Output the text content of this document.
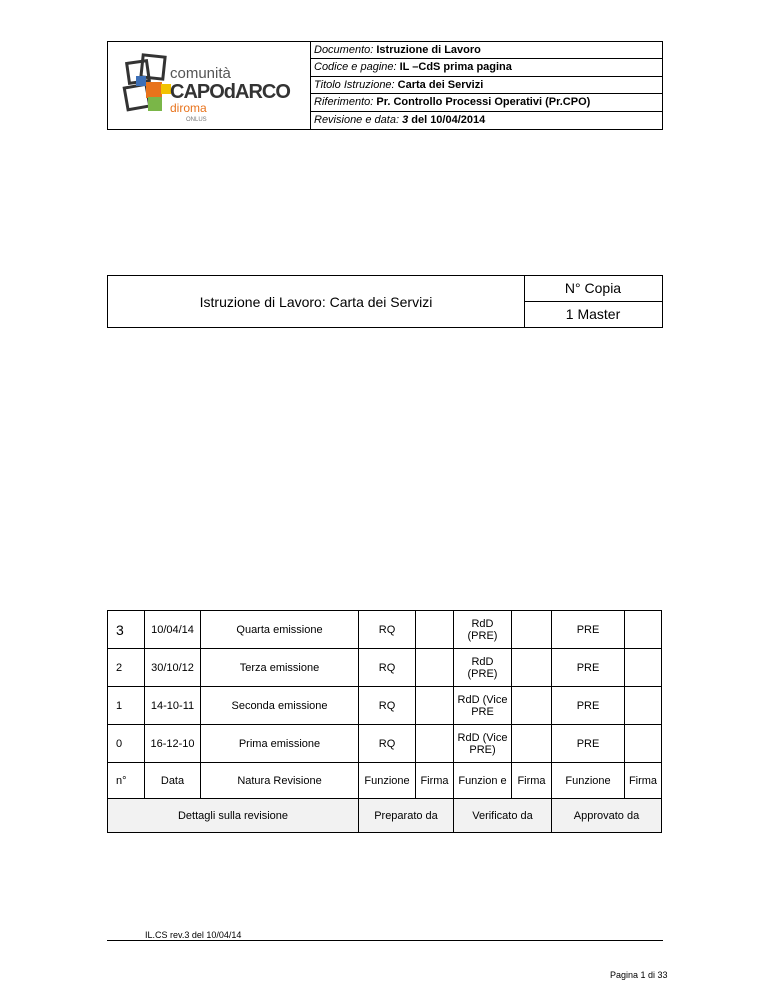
comunità
CAPOdARCO
diroma
ONLUS
Documento: Istruzione di Lavoro
Codice e pagine: IL –CdS prima pagina
Titolo Istruzione: Carta dei Servizi
Riferimento: Pr. Controllo Processi Operativi (Pr.CPO)
Revisione e data: 3 del 10/04/2014
Istruzione di Lavoro: Carta dei Servizi
N° Copia
1 Master
3	10/04/14	Quarta emissione	RQ		RdD (PRE)		PRE	
2	30/10/12	Terza emissione	RQ		RdD (PRE)		PRE	
1	14-10-11	Seconda emissione	RQ		RdD (Vice PRE		PRE	
0	16-12-10	Prima emissione	RQ		RdD (Vice PRE)		PRE	
n°	Data	Natura Revisione	Funzione	Firma	Funzion e	Firma	Funzione	Firma
Dettagli sulla revisione			Preparato da		Verificato da		Approvato da	
IL.CS rev.3 del 10/04/14
Pagina 1 di 33
